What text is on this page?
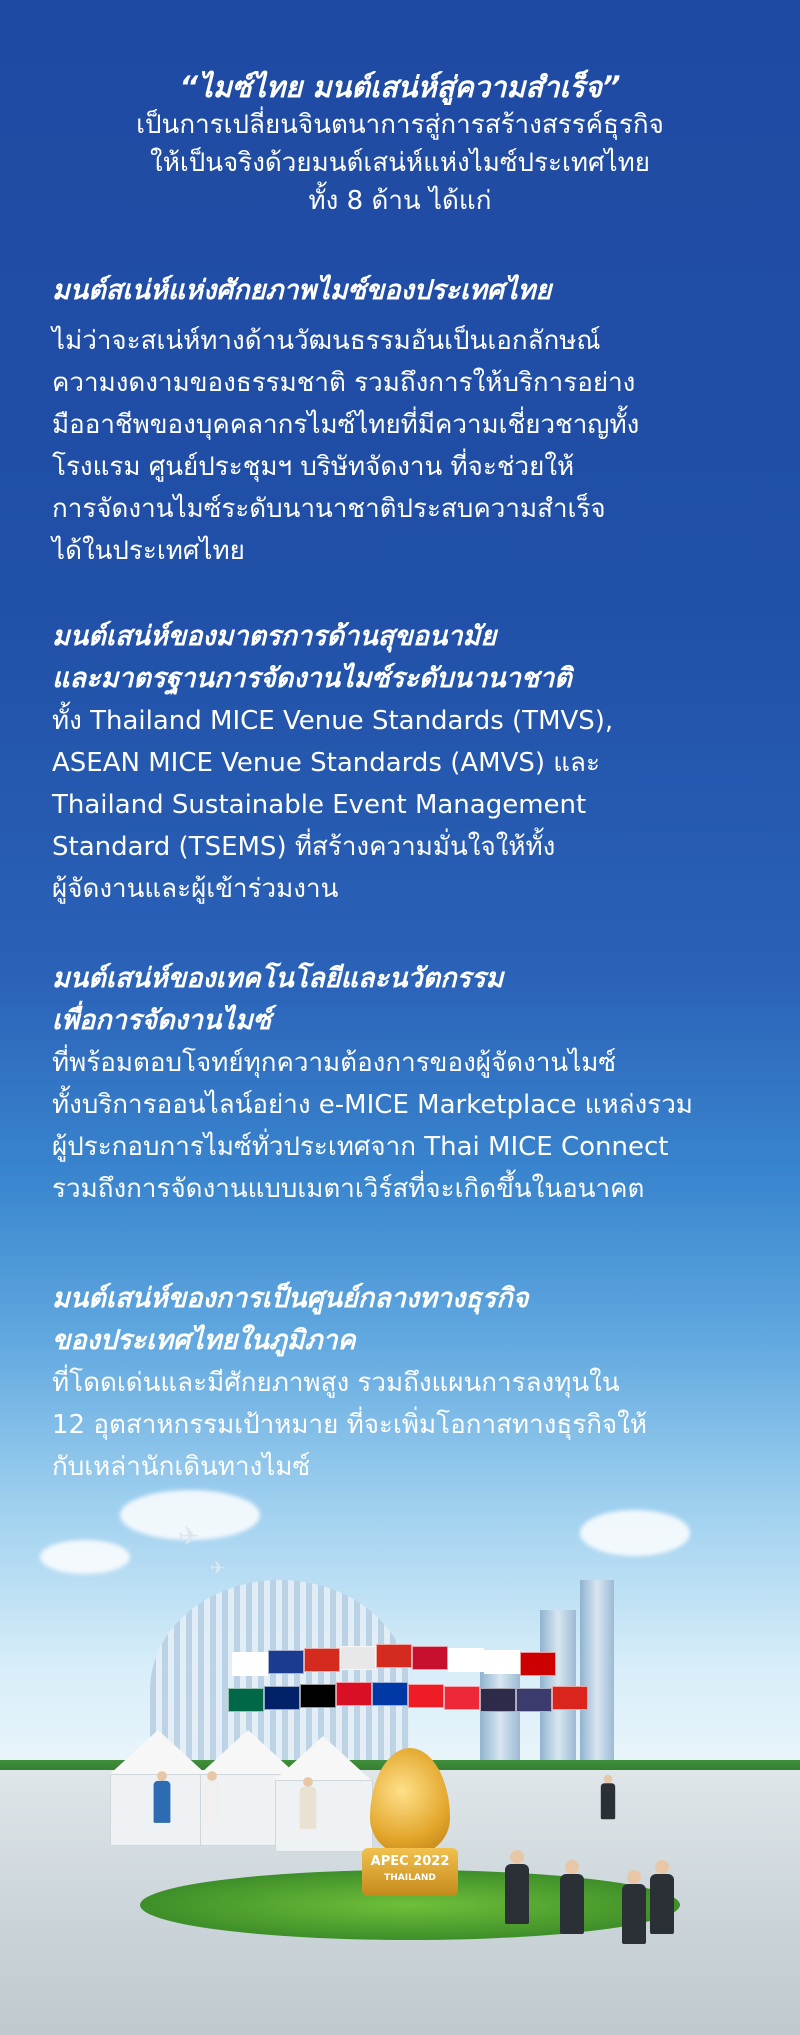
“ไมซ์ไทย มนต์เสน่ห์สู่ความสำเร็จ”
เป็นการเปลี่ยนจินตนาการสู่การสร้างสรรค์ธุรกิจ
ให้เป็นจริงด้วยมนต์เสน่ห์แห่งไมซ์ประเทศไทย
ทั้ง 8 ด้าน ได้แก่
มนต์สเน่ห์แห่งศักยภาพไมซ์ของประเทศไทย
ไม่ว่าจะสเน่ห์ทางด้านวัฒนธรรมอันเป็นเอกลักษณ์
ความงดงามของธรรมชาติ รวมถึงการให้บริการอย่าง
มืออาชีพของบุคคลากรไมซ์ไทยที่มีความเชี่ยวชาญทั้ง
โรงแรม ศูนย์ประชุมฯ บริษัทจัดงาน ที่จะช่วยให้
การจัดงานไมซ์ระดับนานาชาติประสบความสำเร็จ
ได้ในประเทศไทย
มนต์เสน่ห์ของมาตรการด้านสุขอนามัย
และมาตรฐานการจัดงานไมซ์ระดับนานาชาติ
ทั้ง Thailand MICE Venue Standards (TMVS),
ASEAN MICE Venue Standards (AMVS) และ
Thailand Sustainable Event Management
Standard (TSEMS) ที่สร้างความมั่นใจให้ทั้ง
ผู้จัดงานและผู้เข้าร่วมงาน
มนต์เสน่ห์ของเทคโนโลยีและนวัตกรรม
เพื่อการจัดงานไมซ์
ที่พร้อมตอบโจทย์ทุกความต้องการของผู้จัดงานไมซ์
ทั้งบริการออนไลน์อย่าง e-MICE Marketplace แหล่งรวม
ผู้ประกอบการไมซ์ทั่วประเทศจาก Thai MICE Connect
รวมถึงการจัดงานแบบเมตาเวิร์สที่จะเกิดขึ้นในอนาคต
มนต์เสน่ห์ของการเป็นศูนย์กลางทางธุรกิจ
ของประเทศไทยในภูมิภาค
ที่โดดเด่นและมีศักยภาพสูง รวมถึงแผนการลงทุนใน
12 อุตสาหกรรมเป้าหมาย ที่จะเพิ่มโอกาสทางธุรกิจให้
กับเหล่านักเดินทางไมซ์
✈
✈
APEC 2022
THAILAND
